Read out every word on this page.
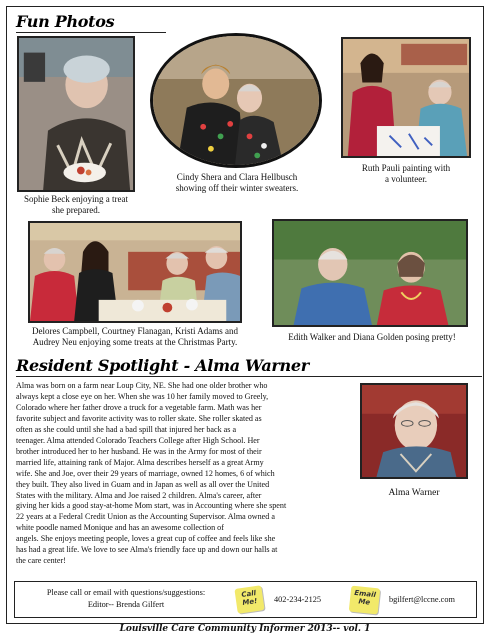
Fun Photos
Sophie Beck enjoying a treat
she prepared.
Cindy Shera and Clara Hellbusch
showing off their winter sweaters.
Ruth Pauli painting with
a volunteer.
Delores Campbell, Courtney Flanagan, Kristi Adams and
Audrey Neu enjoying some treats at the Christmas Party.	Edith Walker and Diana Golden posing pretty!
Resident Spotlight - Alma Warner
Alma was born on a farm near Loup City, NE. She had one older brother who
always kept a close eye on her. When she was 10 her family moved to Greely,
Colorado where her father drove a truck for a vegetable farm. Math was her
favorite subject and favorite activity was to roller skate. She roller skated as
often as she could until she had a bad spill that injured her back as a
teenager. Alma attended Colorado Teachers College after High School. Her
brother introduced her to her husband. He was in the Army for most of their
married life, attaining rank of Major. Alma describes herself as a great Army
wife. She and Joe, over their 29 years of marriage, owned 12 homes, 6 of which
they built. They also lived in Guam and in Japan as well as all over the United
States with the military. Alma and Joe raised 2 children. Alma's career, after
giving her kids a good stay-at-home Mom start, was in Accounting where she spent
22 years at a Federal Credit Union as the Accounting Supervisor. Alma owned a
white poodle named Monique and has an awesome collection of
angels. She enjoys meeting people, loves a great cup of coffee and feels like she
has had a great life. We love to see Alma's friendly face up and down our halls at
the care center!
Alma Warner
Please call or email with questions/suggestions:
Editor-- Brenda Gilfert
Call Me!	402-234-2125
Email Me	bgilfert@lccne.com
Louisville Care Community Informer 2013-- vol. 1
